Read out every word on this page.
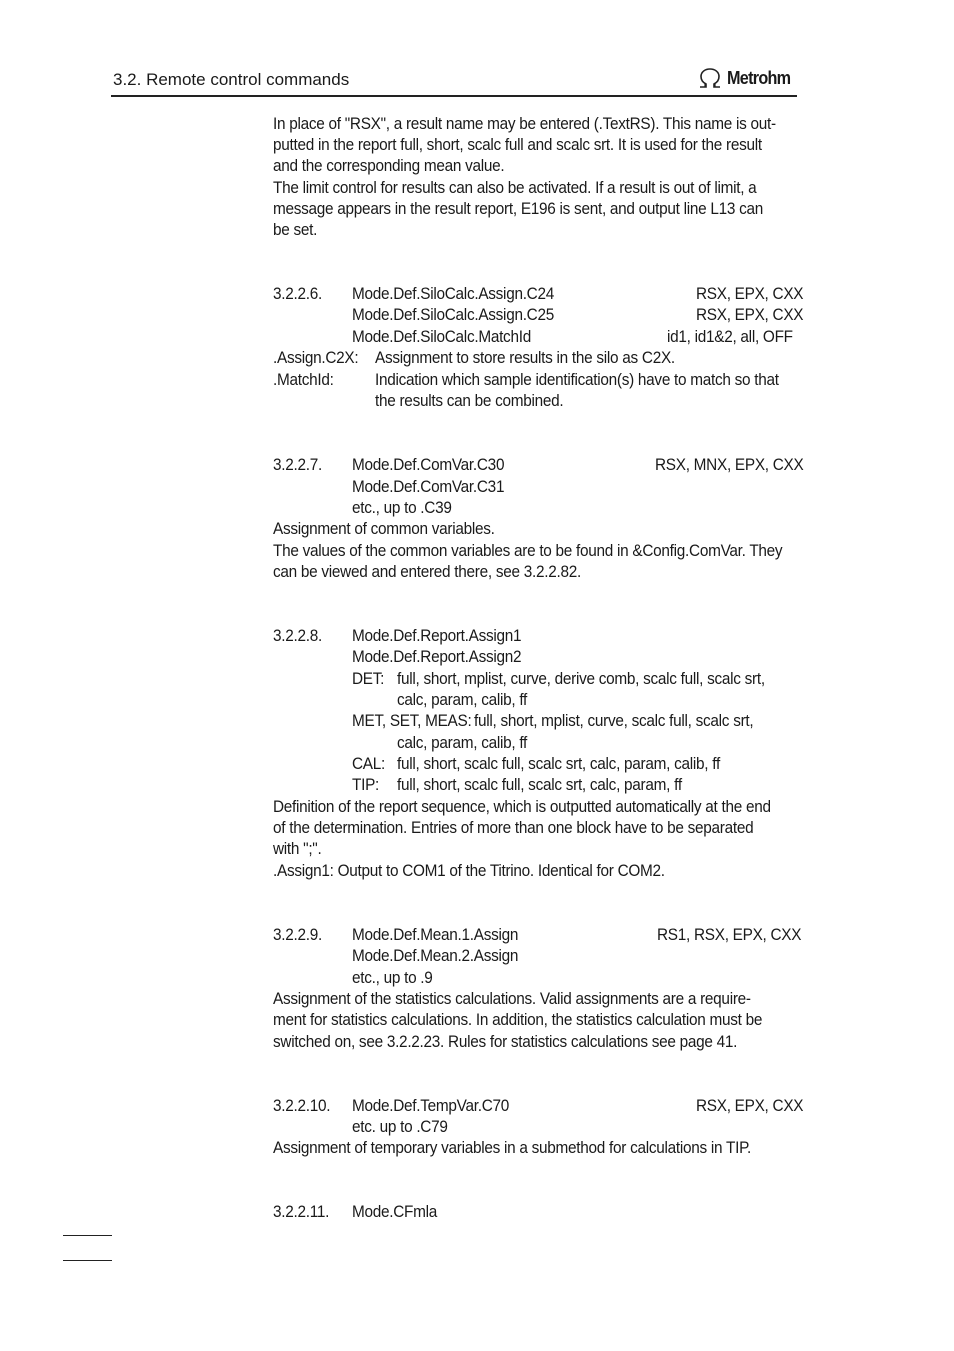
3.2. Remote control commands	Metrohm
In place of "RSX", a result name may be entered (.TextRS). This name is out-
putted in the report full, short, scalc full and scalc srt. It is used for the result
and the corresponding mean value.
The limit control for results can also be activated. If a result is out of limit, a
message appears in the result report, E196 is sent, and output line L13 can
be set.
3.2.2.6. Mode.Def.SiloCalc.Assign.C24
Mode.Def.SiloCalc.Assign.C25
Mode.Def.SiloCalc.MatchId
RSX, EPX, CXX
RSX, EPX, CXX
id1, id1&2, all, OFF
.Assign.C2X: Assignment to store results in the silo as C2X.
.MatchId:	Indication which sample identification(s) have to match so that
the results can be combined.
3.2.2.7. Mode.Def.ComVar.C30
Mode.Def.ComVar.C31
etc., up to .C39
RSX, MNX, EPX, CXX
Assignment of common variables.
The values of the common variables are to be found in &Config.ComVar. They
can be viewed and entered there, see 3.2.2.82.
3.2.2.8. Mode.Def.Report.Assign1
Mode.Def.Report.Assign2
DET: full, short, mplist, curve, derive comb, scalc full, scalc srt,
calc, param, calib, ff
MET, SET, MEAS: full, short, mplist, curve, scalc full, scalc srt,
calc, param, calib, ff
CAL: full, short, scalc full, scalc srt, calc, param, calib, ff
TIP: full, short, scalc full, scalc srt, calc, param, ff
Definition of the report sequence, which is outputted automatically at the end
of the determination. Entries of more than one block have to be separated
with ";".
.Assign1: Output to COM1 of the Titrino. Identical for COM2.
3.2.2.9. Mode.Def.Mean.1.Assign
Mode.Def.Mean.2.Assign
etc., up to .9
RS1, RSX, EPX, CXX
Assignment of the statistics calculations. Valid assignments are a require-
ment for statistics calculations. In addition, the statistics calculation must be
switched on, see 3.2.2.23. Rules for statistics calculations see page 41.
3.2.2.10. Mode.Def.TempVar.C70
etc. up to .C79
RSX, EPX, CXX
Assignment of temporary variables in a submethod for calculations in TIP.
3.2.2.11. Mode.CFmla
